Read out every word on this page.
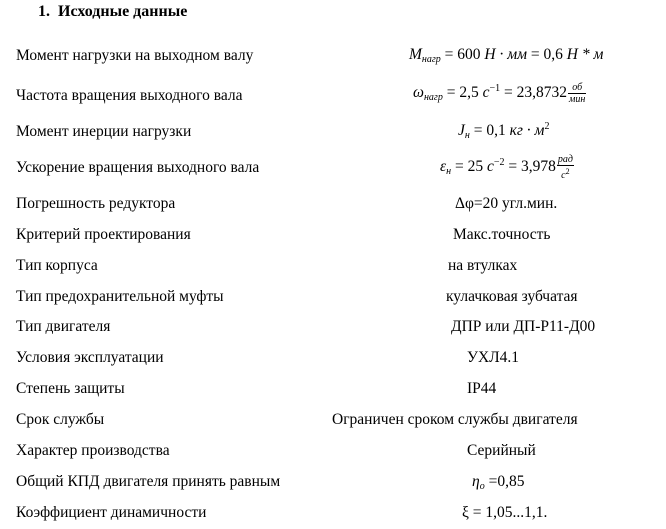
1. Исходные данные
Момент нагрузки на выходном валу	$M_{нагр} = 600$ Н · мм = 0,6 Н * м
Частота вращения выходного вала	$\omega_{нагр} = 2,5$ $с^{-1} = 23,8732 \frac{об}{\text{мин}}$
Момент инерции нагрузки	$J_н = 0,1$ кг · $м^2$
Ускорение вращения выходного вала	$\varepsilon_н = 25$ $с^{-2} = 3,978 \frac{\text{рад}}{с^2}$
Погрешность редуктора	Δφ=20 угл.мин.
Критерий проектирования	Макс.точность
Тип корпуса	на втулках
Тип предохранительной муфты	кулачковая зубчатая
Тип двигателя	ДПР или ДП-Р11-Д00
Условия эксплуатации	УХЛ4.1
Степень защиты	IP44
Срок службы	Ограничен сроком службы двигателя
Характер производства	Серийный
Общий КПД двигателя принять равным	$\eta_о =0,85$
Коэффициент динамичности	ξ = 1,05...1,1.
